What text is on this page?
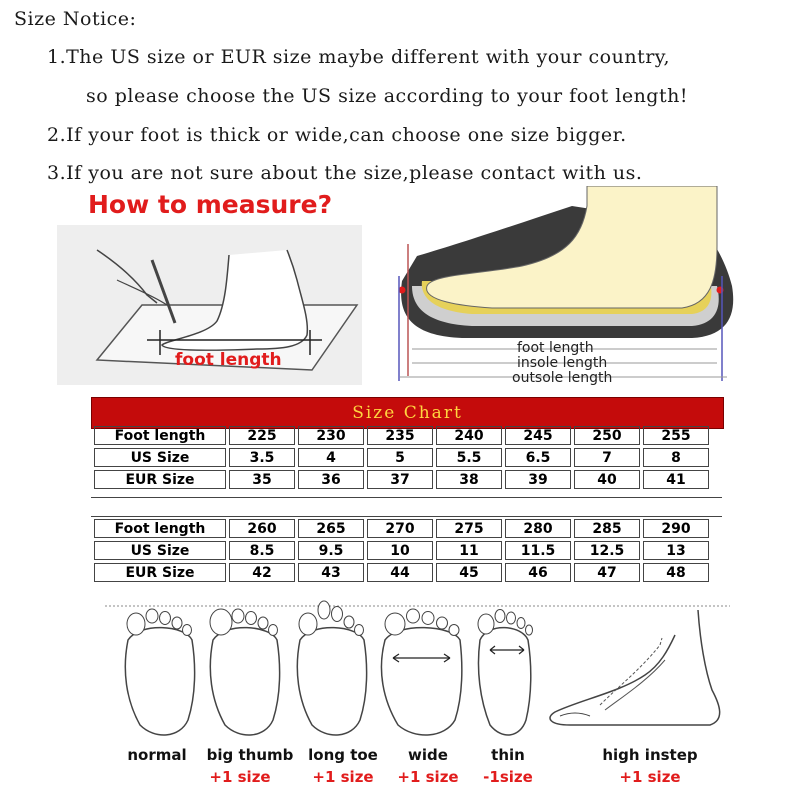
Size Notice:
1.The US size or EUR size maybe different with your country,
so please choose the US size according to your foot length!
2.If your foot is thick or wide,can choose one size bigger.
3.If you are not sure about the size,please contact with us.
How to measure?
foot length
foot length
insole length
outsole length
Size Chart
Foot length	225	230	235	240	245	250	255
US Size	3.5	4	5	5.5	6.5	7	8
EUR Size	35	36	37	38	39	40	41
Foot length	260	265	270	275	280	285	290
US Size	8.5	9.5	10	11	11.5	12.5	13
EUR Size	42	43	44	45	46	47	48
normal	big thumb
+1 size
long toe
+1 size
wide
+1 size
thin
-1size
high instep
+1 size
